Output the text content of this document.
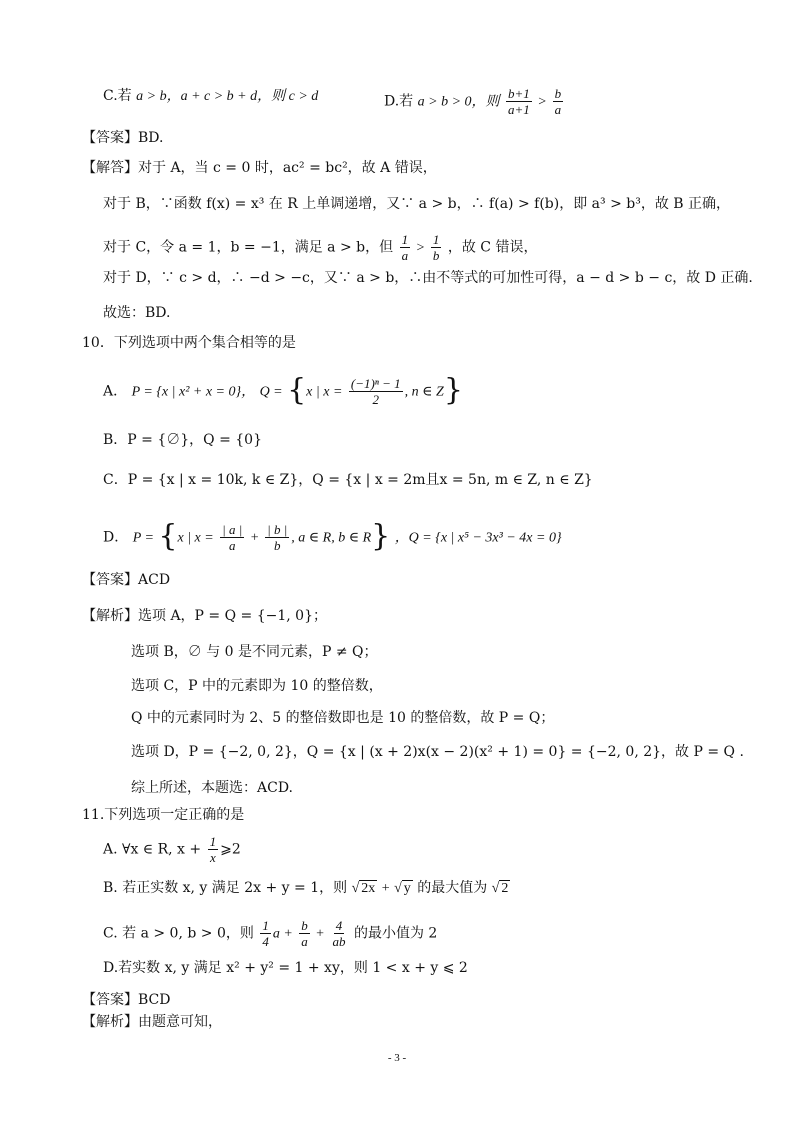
C.若 a > b，a + c > b + d，则 c > d	D.若 a > b > 0，则 $\frac{b+1}{a+1} > \frac{b}{a}$
【答案】BD.
【解答】对于 A，当 c = 0 时，ac² = bc²，故 A 错误，
对于 B，∵函数 f(x) = x³ 在 R 上单调递增，又∵ a > b，∴ f(a) > f(b)，即 a³ > b³，故 B 正确，
对于 C，令 a = 1，b = −1，满足 a > b，但 $\frac{1}{a} > \frac{1}{b}$ ，故 C 错误，
对于 D，∵ c > d，∴ −d > −c，又∵ a > b，∴由不等式的可加性可得，a − d > b − c，故 D 正确.
故选：BD.
10．下列选项中两个集合相等的是
A． P = {x | x² + x = 0}， Q = {x | $x = \frac{\text{(−1)ⁿ − 1}}{2}$ , n ∈ Z}
B．P = {∅}，Q = {0}
C．P = {x | x = 10k, k ∈ Z}，Q = {x | x = 2m且x = 5n, m ∈ Z, n ∈ Z}
D． P = {x | $x = \frac{| a |}{a} + \frac{| b |}{b}$ , a ∈ R, b ∈ R} ，Q = {x | x⁵ − 3x³ − 4x = 0}
【答案】ACD
【解析】选项 A，P = Q = {−1, 0}；
选项 B，∅ 与 0 是不同元素，P ≠ Q；
选项 C，P 中的元素即为 10 的整倍数，
Q 中的元素同时为 2、5 的整倍数即也是 10 的整倍数，故 P = Q；
选项 D，P = {−2, 0, 2}，Q = {x | (x + 2)x(x − 2)(x² + 1) = 0} = {−2, 0, 2}，故 P = Q .
综上所述，本题选：ACD.
11.下列选项一定正确的是
A. ∀x ∈ R, $x + \frac{1}{x}$ ⩾2
B. 若正实数 x, y 满足 2x + y = 1，则 √ 2x + √ y 的最大值为 √ 2
C. 若 a > 0, b > 0，则 $\frac{1}{4}$ $a + \frac{b}{a} + \frac{4}{ab}$ 的最小值为 2
D.若实数 x, y 满足 x² + y² = 1 + xy，则 1 < x + y ⩽ 2
【答案】BCD
【解析】由题意可知，
- 3 -
